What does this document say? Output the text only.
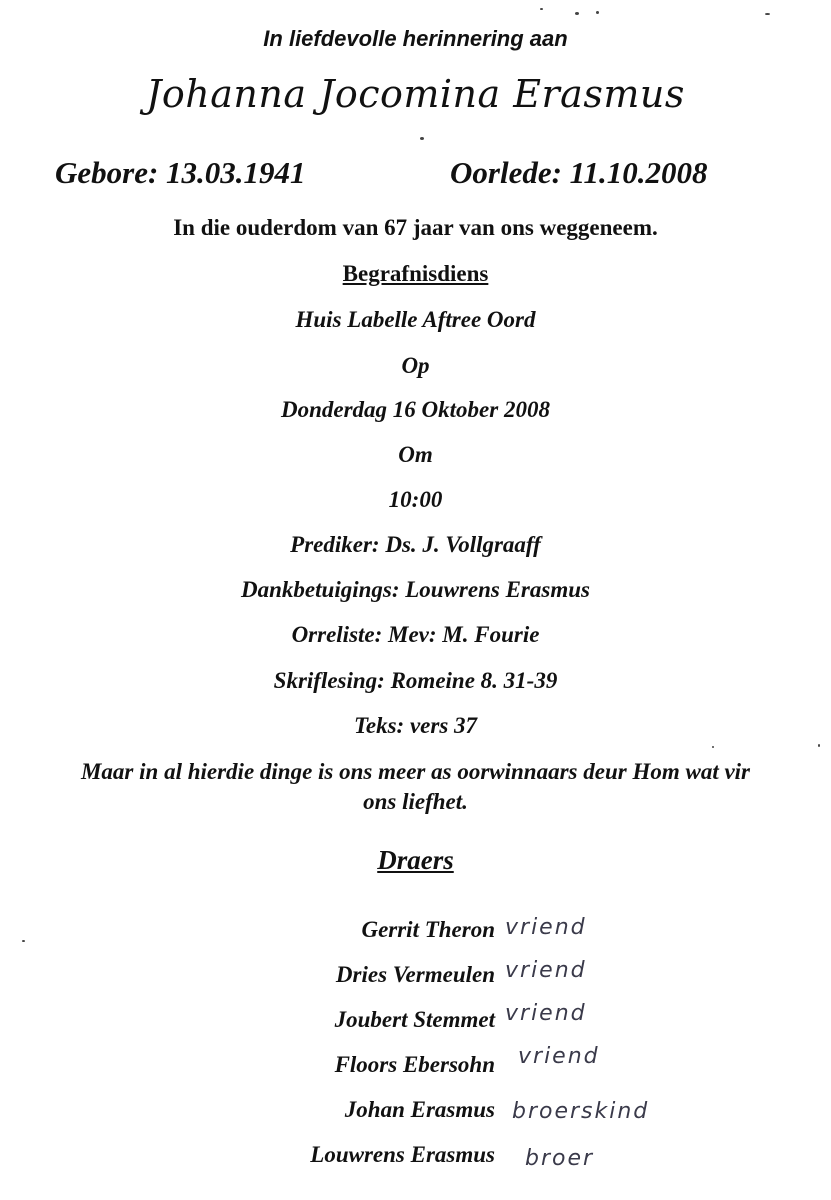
In liefdevolle herinnering aan
Johanna Jocomina Erasmus
Gebore: 13.03.1941	Oorlede: 11.10.2008
In die ouderdom van 67 jaar van ons weggeneem.
Begrafnisdiens
Huis Labelle Aftree Oord
Op
Donderdag 16 Oktober 2008
Om
10:00
Prediker: Ds. J. Vollgraaff
Dankbetuigings: Louwrens Erasmus
Orreliste: Mev: M. Fourie
Skriflesing: Romeine 8. 31-39
Teks: vers 37
Maar in al hierdie dinge is ons meer as oorwinnaars deur Hom wat vir
ons liefhet.
Draers
Gerrit Theron vriend
Dries Vermeulen vriend
Joubert Stemmet vriend
Floors Ebersohn vriend
Johan Erasmus broerskind
Louwrens Erasmus broer
